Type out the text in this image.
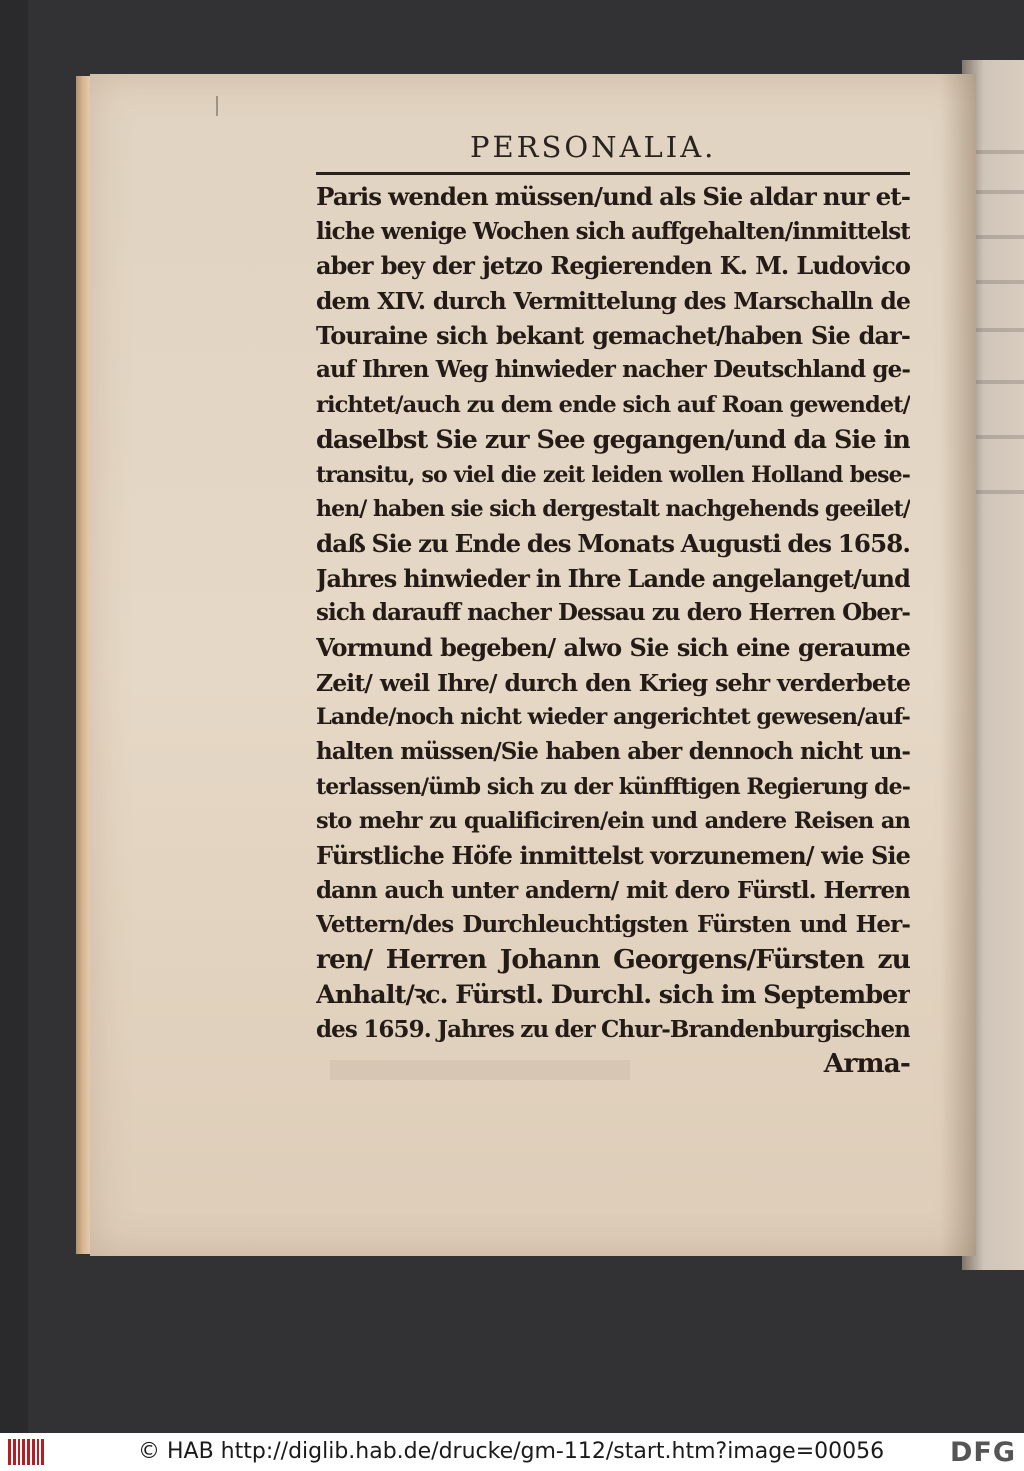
PERSONALIA.
Paris wenden müssen/und als Sie aldar nur et-
liche wenige Wochen sich auffgehalten/inmittelst
aber bey der jetzo Regierenden K. M. Ludovico
dem XIV. durch Vermittelung des Marschalln de
Touraine sich bekant gemachet/haben Sie dar-
auf Ihren Weg hinwieder nacher Deutschland ge-
richtet/auch zu dem ende sich auf Roan gewendet/
daselbst Sie zur See gegangen/und da Sie in
transitu, so viel die zeit leiden wollen Holland bese-
hen/ haben sie sich dergestalt nachgehends geeilet/
daß Sie zu Ende des Monats Augusti des 1658.
Jahres hinwieder in Ihre Lande angelanget/und
sich darauff nacher Dessau zu dero Herren Ober-
Vormund begeben/ alwo Sie sich eine geraume
Zeit/ weil Ihre/ durch den Krieg sehr verderbete
Lande/noch nicht wieder angerichtet gewesen/auf-
halten müssen/Sie haben aber dennoch nicht un-
terlassen/ümb sich zu der künfftigen Regierung de-
sto mehr zu qualificiren/ein und andere Reisen an
Fürstliche Höfe inmittelst vorzunemen/ wie Sie
dann auch unter andern/ mit dero Fürstl. Herren
Vettern/des Durchleuchtigsten Fürsten und Her-
ren/ Herren Johann Georgens/Fürsten zu
Anhalt/ꝛc. Fürstl. Durchl. sich im September
des 1659. Jahres zu der Chur-Brandenburgischen
Arma-
© HAB http://diglib.hab.de/drucke/gm-112/start.htm?image=00056 DFG
